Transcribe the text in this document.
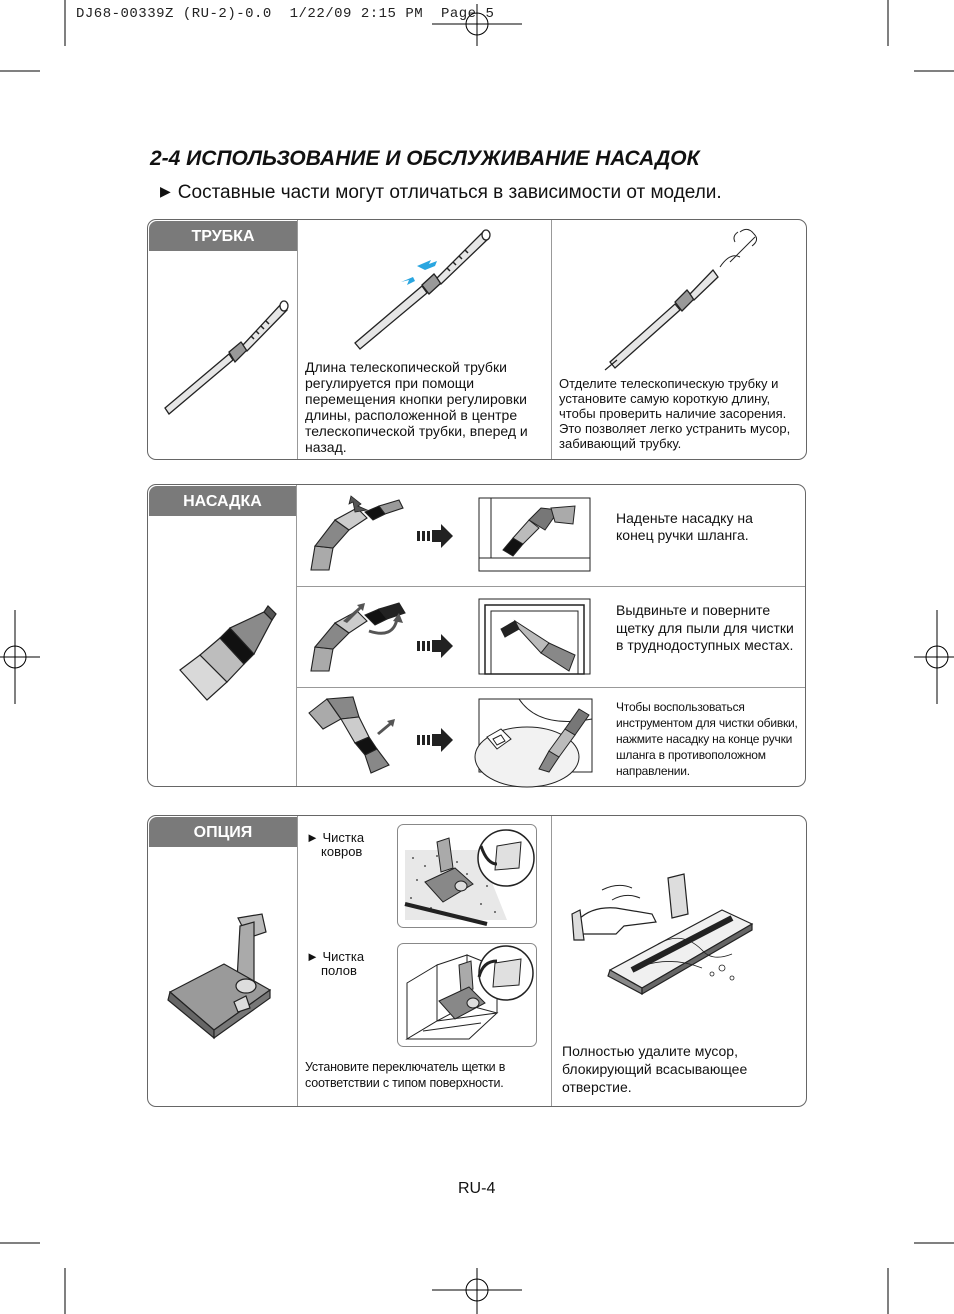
DJ68-00339Z (RU-2)-0.0  1/22/09 2:15 PM  Page 5
2-4 ИСПОЛЬЗОВАНИЕ И ОБСЛУЖИВАНИЕ НАСАДОК
▶ Составные части могут отличаться в зависимости от модели.
ТРУБКА
Длина телескопической трубки регулируется при помощи перемещения кнопки регулировки длины, расположенной в центре телескопической трубки, вперед и назад.
Отделите телескопическую трубку и установите самую короткую длину, чтобы проверить наличие засорения. Это позволяет легко устранить мусор, забивающий трубку.
НАСАДКА
Наденьте насадку на конец ручки шланга.
Выдвиньте и поверните щетку для пыли для чистки в труднодоступных местах.
Чтобы воспользоваться инструментом для чистки обивки, нажмите насадку на конце ручки шланга в противоположном направлении.
ОПЦИЯ	► Чистка
ковров
► Чистка
полов
Установите переключатель щетки в соответствии с типом поверхности.
Полностью удалите мусор, блокирующий всасывающее отверстие.
RU-4
